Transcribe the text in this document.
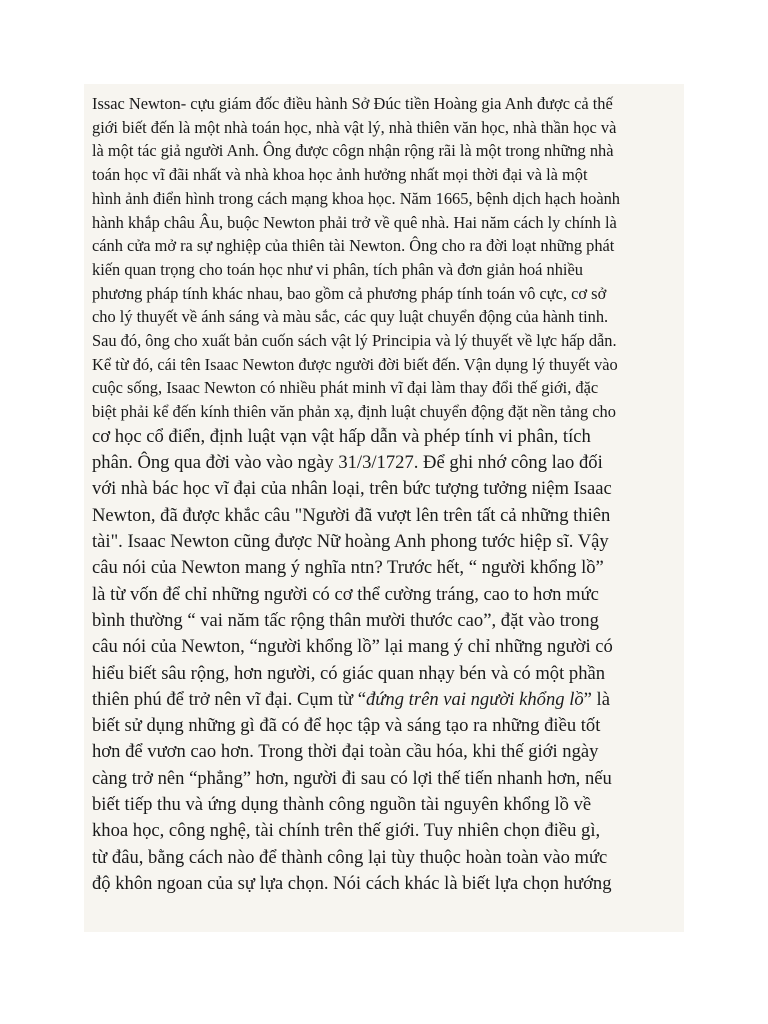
Issac Newton- cựu giám đốc điều hành Sở Đúc tiền Hoàng gia Anh được cả thế
giới biết đến là một nhà toán học, nhà vật lý, nhà thiên văn học, nhà thần học và
là một tác giả người Anh. Ông được côgn nhận rộng rãi là một trong những nhà
toán học vĩ đãi nhất và nhà khoa học ảnh hưởng nhất mọi thời đại và là một
hình ảnh điển hình trong cách mạng khoa học. Năm 1665, bệnh dịch hạch hoành
hành khắp châu Âu, buộc Newton phải trở về quê nhà. Hai năm cách ly chính là
cánh cửa mở ra sự nghiệp của thiên tài Newton. Ông cho ra đời loạt những phát
kiến quan trọng cho toán học như vi phân, tích phân và đơn giản hoá nhiều
phương pháp tính khác nhau, bao gồm cả phương pháp tính toán vô cực, cơ sở
cho lý thuyết về ánh sáng và màu sắc, các quy luật chuyển động của hành tinh.
Sau đó, ông cho xuất bản cuốn sách vật lý Principia và lý thuyết về lực hấp dẫn.
Kể từ đó, cái tên Isaac Newton được người đời biết đến. Vận dụng lý thuyết vào
cuộc sống, Isaac Newton có nhiều phát minh vĩ đại làm thay đổi thế giới, đặc
biệt phải kể đến kính thiên văn phản xạ, định luật chuyển động đặt nền tảng cho
cơ học cổ điển, định luật vạn vật hấp dẫn và phép tính vi phân, tích
phân. Ông qua đời vào vào ngày 31/3/1727. Để ghi nhớ công lao đối
với nhà bác học vĩ đại của nhân loại, trên bức tượng tưởng niệm Isaac
Newton, đã được khắc câu "Người đã vượt lên trên tất cả những thiên
tài". Isaac Newton cũng được Nữ hoàng Anh phong tước hiệp sĩ. Vậy
câu nói của Newton mang ý nghĩa ntn? Trước hết, “ người khổng lồ”
là từ vốn để chỉ những người có cơ thể cường tráng, cao to hơn mức
bình thường “ vai năm tấc rộng thân mười thước cao”, đặt vào trong
câu nói của Newton, “người khổng lồ” lại mang ý chỉ những người có
hiểu biết sâu rộng, hơn người, có giác quan nhạy bén và có một phần
thiên phú để trở nên vĩ đại. Cụm từ “đứng trên vai người khổng lồ” là
biết sử dụng những gì đã có để học tập và sáng tạo ra những điều tốt
hơn để vươn cao hơn. Trong thời đại toàn cầu hóa, khi thế giới ngày
càng trở nên “phẳng” hơn, người đi sau có lợi thế tiến nhanh hơn, nếu
biết tiếp thu và ứng dụng thành công nguồn tài nguyên khổng lồ về
khoa học, công nghệ, tài chính trên thế giới. Tuy nhiên chọn điều gì,
từ đâu, bằng cách nào để thành công lại tùy thuộc hoàn toàn vào mức
độ khôn ngoan của sự lựa chọn. Nói cách khác là biết lựa chọn hướng
